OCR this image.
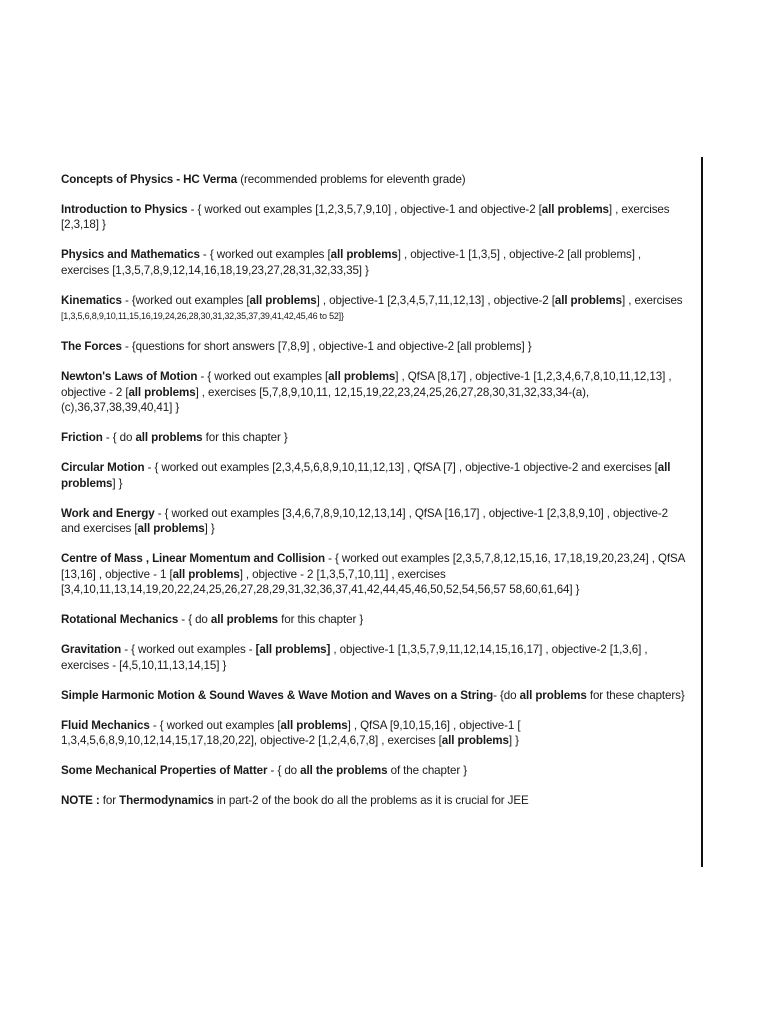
Concepts of Physics - HC Verma (recommended problems for eleventh grade)

Introduction to Physics - { worked out examples [1,2,3,5,7,9,10] , objective-1 and objective-2 [all problems] , exercises [2,3,18] }

Physics and Mathematics - { worked out examples [all problems] , objective-1 [1,3,5] , objective-2 [all problems] , exercises [1,3,5,7,8,9,12,14,16,18,19,23,27,28,31,32,33,35] }

Kinematics - {worked out examples [all problems] , objective-1 [2,3,4,5,7,11,12,13] , objective-2 [all problems] , exercises [1,3,5,6,8,9,10,11,15,16,19,24,26,28,30,31,32,35,37,39,41,42,45,46 to 52]}

The Forces - {questions for short answers [7,8,9] , objective-1 and objective-2 [all problems] }

Newton's Laws of Motion - { worked out examples [all problems] , QfSA [8,17] , objective-1 [1,2,3,4,6,7,8,10,11,12,13] , objective - 2 [all problems] , exercises [5,7,8,9,10,11, 12,15,19,22,23,24,25,26,27,28,30,31,32,33,34-(a),(c),36,37,38,39,40,41] }

Friction - { do all problems for this chapter }

Circular Motion - { worked out examples [2,3,4,5,6,8,9,10,11,12,13] , QfSA [7] , objective-1 objective-2 and exercises [all problems] }

Work and Energy - { worked out examples [3,4,6,7,8,9,10,12,13,14] , QfSA [16,17] , objective-1 [2,3,8,9,10] , objective-2 and exercises [all problems] }

Centre of Mass , Linear Momentum and Collision - { worked out examples [2,3,5,7,8,12,15,16, 17,18,19,20,23,24] , QfSA [13,16] , objective - 1 [all problems] , objective - 2 [1,3,5,7,10,11] , exercises [3,4,10,11,13,14,19,20,22,24,25,26,27,28,29,31,32,36,37,41,42,44,45,46,50,52,54,56,57 58,60,61,64] }

Rotational Mechanics - { do all problems for this chapter }

Gravitation - { worked out examples - [all problems] , objective-1 [1,3,5,7,9,11,12,14,15,16,17] , objective-2 [1,3,6] , exercises - [4,5,10,11,13,14,15] }

Simple Harmonic Motion & Sound Waves & Wave Motion and Waves on a String- {do all problems for these chapters}

Fluid Mechanics - { worked out examples [all problems] , QfSA [9,10,15,16] , objective-1 [ 1,3,4,5,6,8,9,10,12,14,15,17,18,20,22], objective-2 [1,2,4,6,7,8] , exercises [all problems] }

Some Mechanical Properties of Matter - { do all the problems of the chapter }

NOTE : for Thermodynamics in part-2 of the book do all the problems as it is crucial for JEE
